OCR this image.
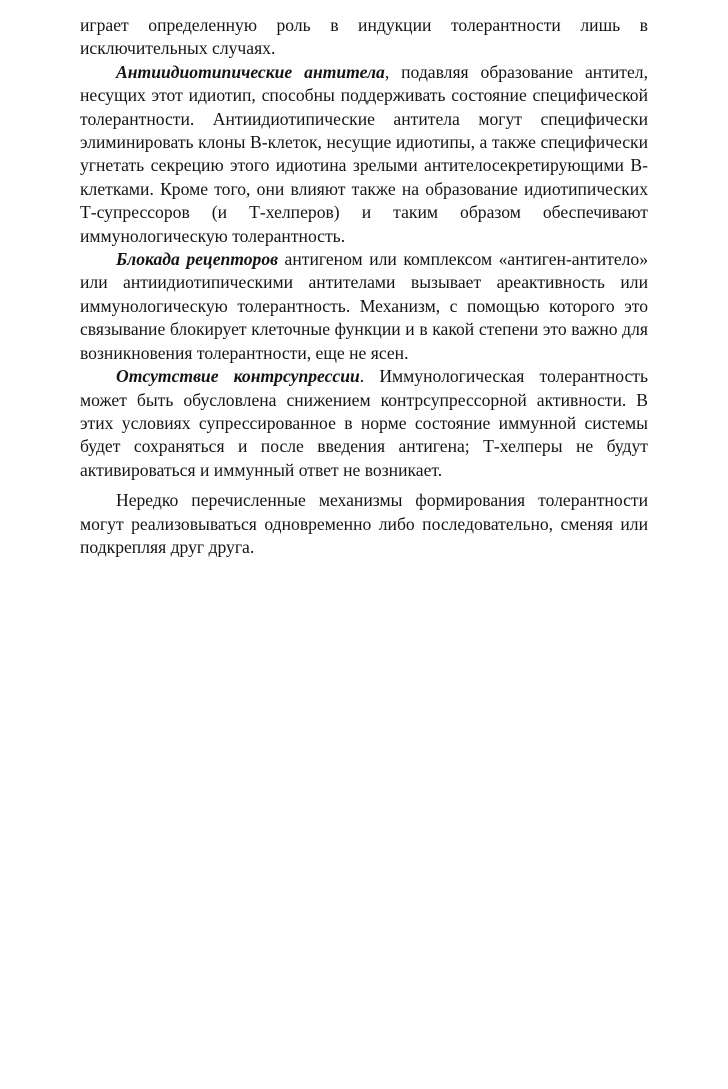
играет определенную роль в индукции толерантности лишь в исключительных случаях.

Антиидиотипические антитела, подавляя образование антител, несущих этот идиотип, способны поддерживать состояние специфической толерантности. Антиидиотипические антитела могут специфически элиминировать клоны В-клеток, несущие идиотипы, а также специфически угнетать секрецию этого идиотина зрелыми антителосекретирующими В-клетками. Кроме того, они влияют также на образование идиотипических Т-супрессоров (и Т-хелперов) и таким образом обеспечивают иммунологическую толерантность.

Блокада рецепторов антигеном или комплексом «антиген-антитело» или антиидиотипическими антителами вызывает ареактивность или иммунологическую толерантность. Механизм, с помощью которого это связывание блокирует клеточные функции и в какой степени это важно для возникновения толерантности, еще не ясен.

Отсутствие контрсупрессии. Иммунологическая толерантность может быть обусловлена снижением контрсупрессорной активности. В этих условиях супрессированное в норме состояние иммунной системы будет сохраняться и после введения антигена; Т-хелперы не будут активироваться и иммунный ответ не возникает.

Нередко перечисленные механизмы формирования толерантности могут реализовываться одновременно либо последовательно, сменяя или подкрепляя друг друга.
